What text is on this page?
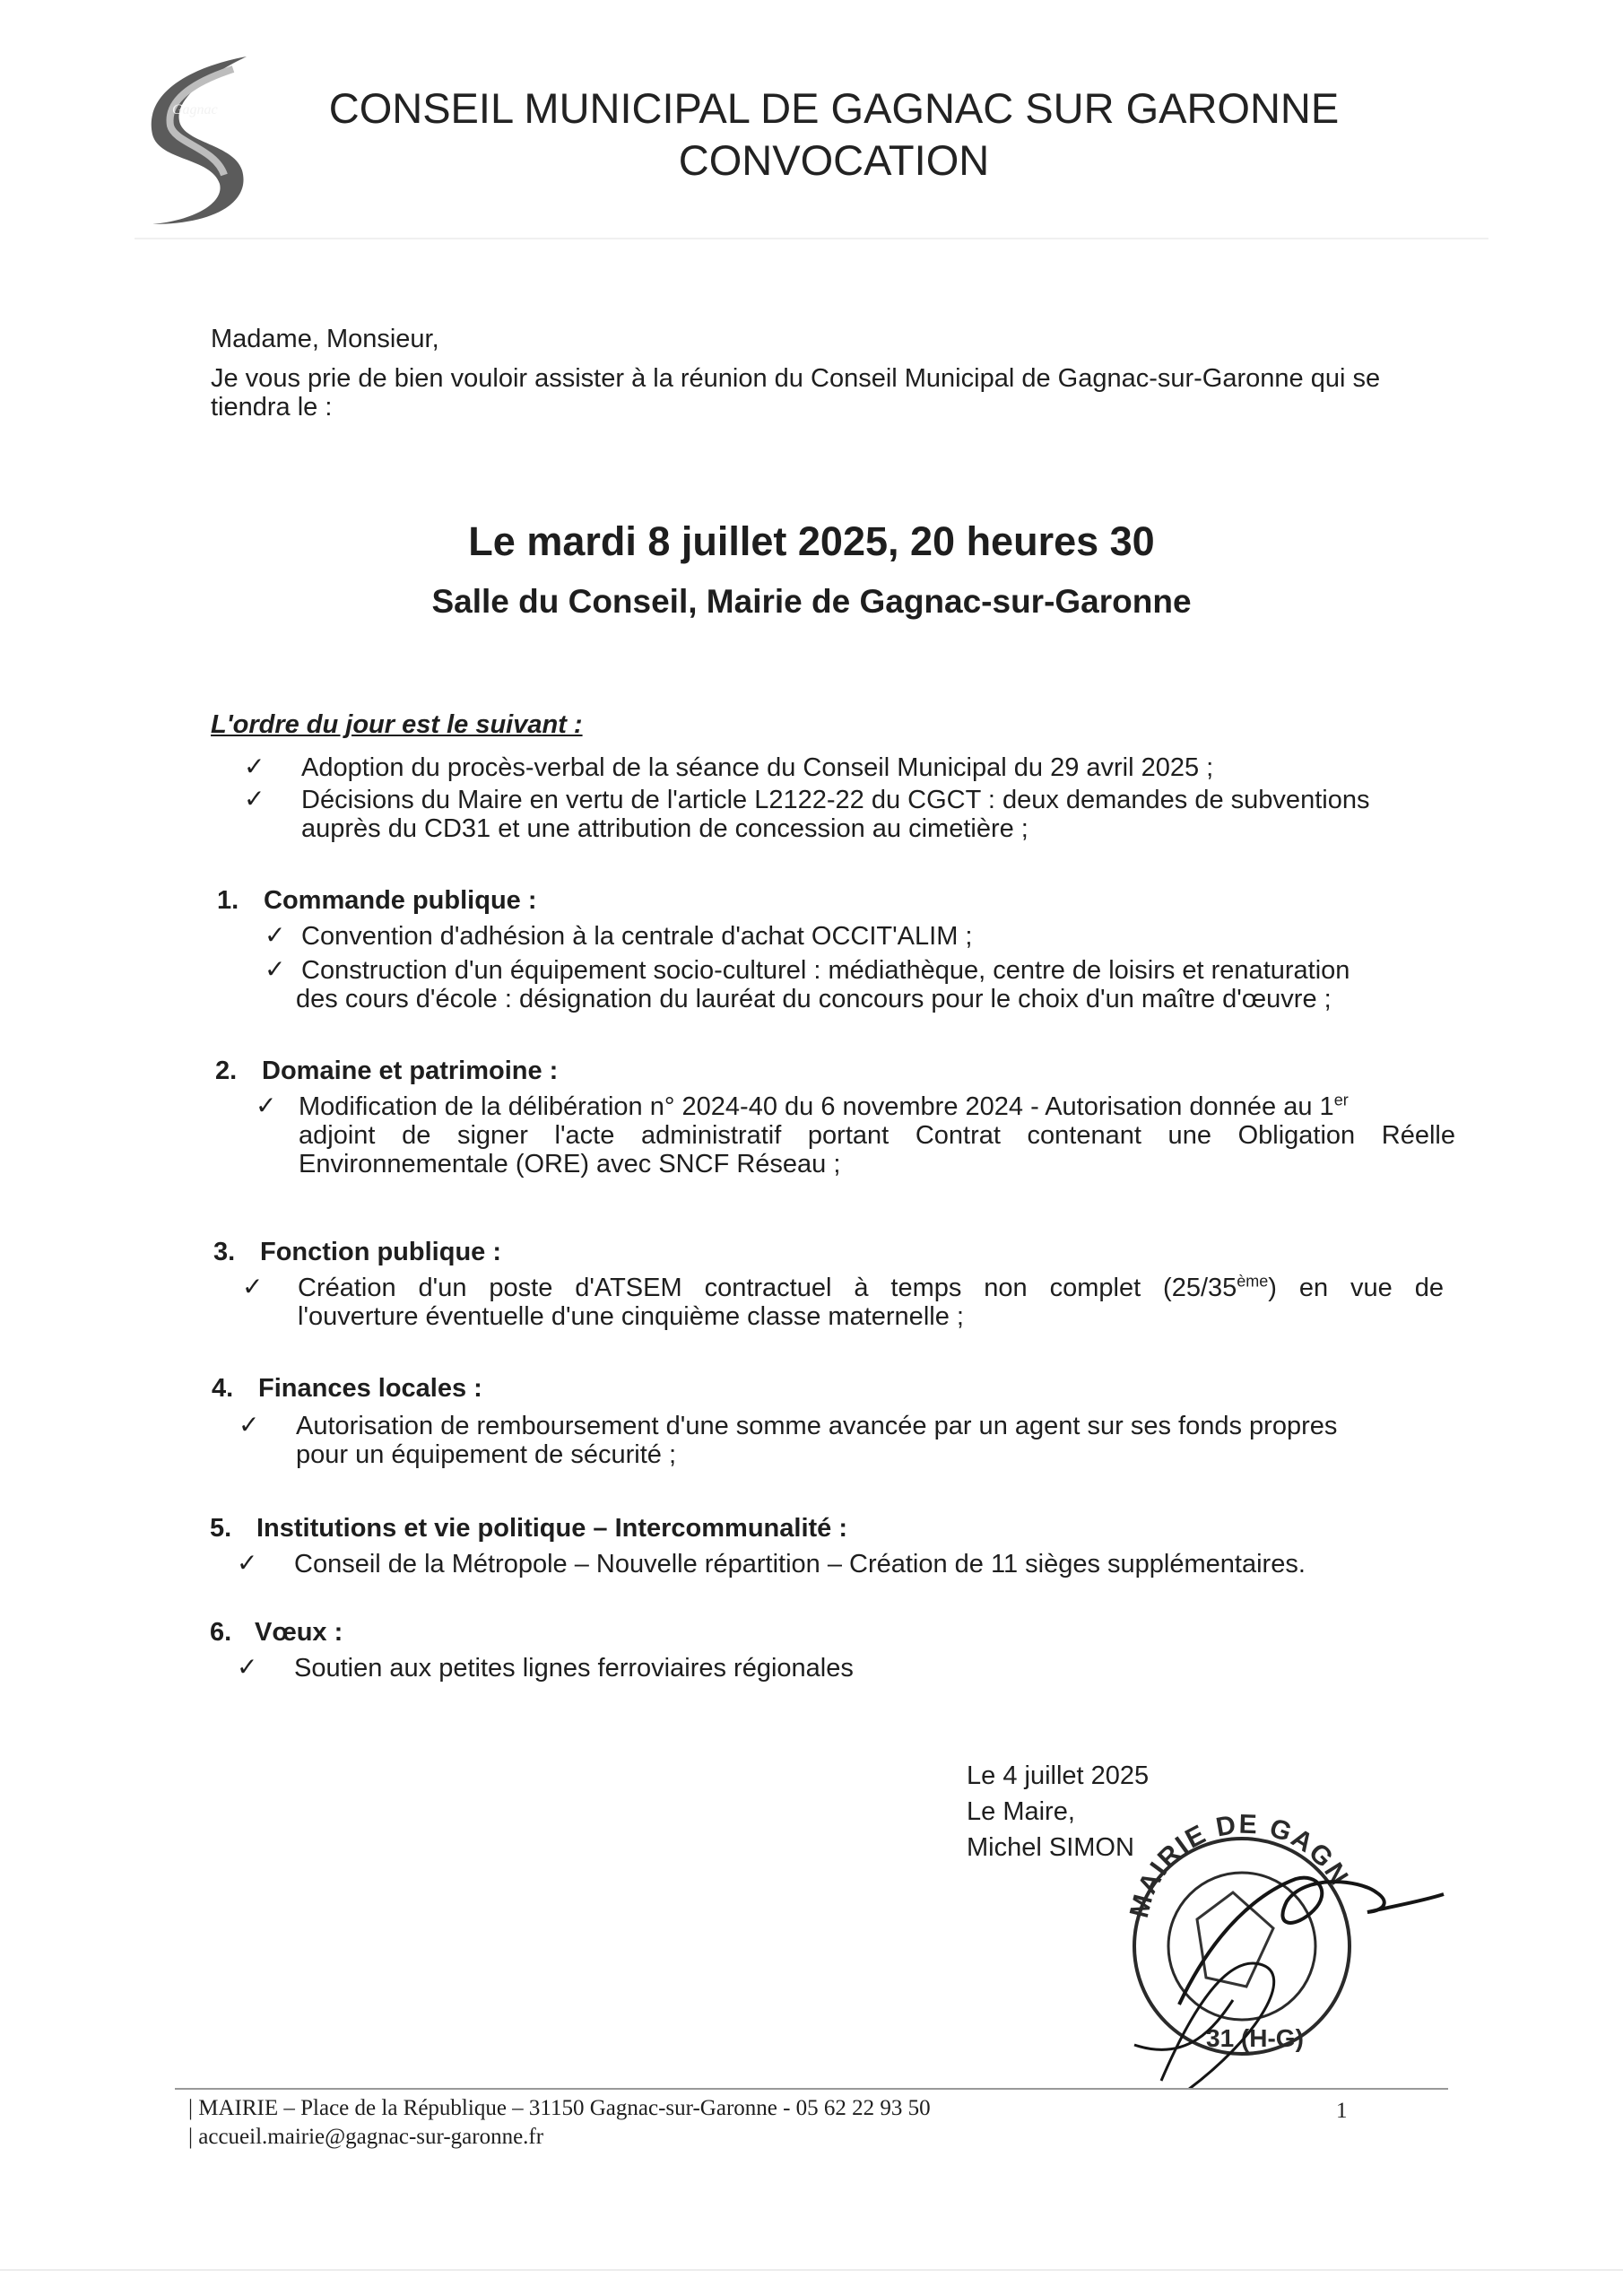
Gagnac	CONSEIL MUNICIPAL DE GAGNAC SUR GARONNE
CONVOCATION
Madame, Monsieur,
Je vous prie de bien vouloir assister à la réunion du Conseil Municipal de Gagnac-sur-Garonne qui se
tiendra le :
Le mardi 8 juillet 2025, 20 heures 30
Salle du Conseil, Mairie de Gagnac-sur-Garonne
L'ordre du jour est le suivant :
✓ Adoption du procès-verbal de la séance du Conseil Municipal du 29 avril 2025 ;
✓ Décisions du Maire en vertu de l'article L2122-22 du CGCT : deux demandes de subventions
auprès du CD31 et une attribution de concession au cimetière ;
1. Commande publique :
✓ Convention d'adhésion à la centrale d'achat OCCIT'ALIM ;
✓ Construction d'un équipement socio-culturel : médiathèque, centre de loisirs et renaturation
des cours d'école : désignation du lauréat du concours pour le choix d'un maître d'œuvre ;
2. Domaine et patrimoine :
✓ Modification de la délibération n° 2024-40 du 6 novembre 2024 - Autorisation donnée au 1er
adjoint de signer l'acte administratif portant Contrat contenant une Obligation Réelle
Environnementale (ORE) avec SNCF Réseau ;
3. Fonction publique :
✓ Création d'un poste d'ATSEM contractuel à temps non complet (25/35ème) en vue de
l'ouverture éventuelle d'une cinquième classe maternelle ;
4. Finances locales :
✓ Autorisation de remboursement d'une somme avancée par un agent sur ses fonds propres
pour un équipement de sécurité ;
5. Institutions et vie politique – Intercommunalité :
✓ Conseil de la Métropole – Nouvelle répartition – Création de 11 sièges supplémentaires.
6. Vœux :
✓ Soutien aux petites lignes ferroviaires régionales
Le 4 juillet 2025
Le Maire,
Michel SIMON
MAIRIE DE GAGN
31 (H-G)
| MAIRIE – Place de la République – 31150 Gagnac-sur-Garonne - 05 62 22 93 50
| accueil.mairie@gagnac-sur-garonne.fr
1
